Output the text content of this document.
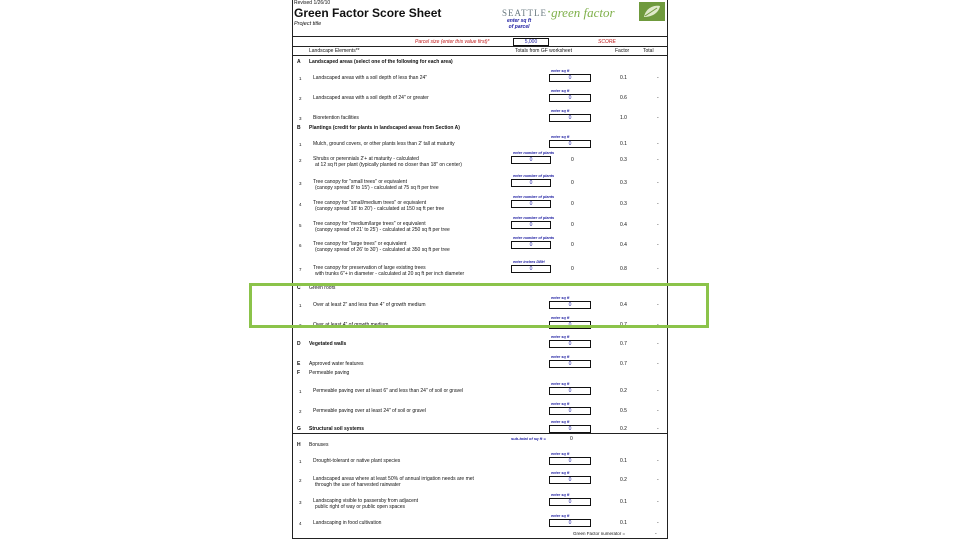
Revised 1/26/10
Green Factor Score Sheet
Project title
SEATTLE • green factor
enter sq ft
of parcel
Parcel size (enter this value first)*	5,000	SCORE
Landscape Elements**	Totals from GF worksheet	Factor	Total
A Landscaped areas (select one of the following for each area)
1 Landscaped areas with a soil depth of less than 24"
enter sq ft
0	0.1	-
2 Landscaped areas with a soil depth of 24" or greater
enter sq ft
0	0.6	-
3 Bioretention facilities
enter sq ft
0	1.0	-
B Plantings (credit for plants in landscaped areas from Section A)
1 Mulch, ground covers, or other plants less than 2' tall at maturity
enter sq ft
0	0.1	-
2 Shrubs or perennials 2'+ at maturity - calculated
at 12 sq ft per plant (typically planted no closer than 18" on center)
enter number of plants
0	0	0.3	-
3 Tree canopy for "small trees" or equivalent
(canopy spread 8' to 15') - calculated at 75 sq ft per tree
enter number of plants
0	0	0.3	-
4 Tree canopy for "small/medium trees" or equivalent
(canopy spread 16' to 20') - calculated at 150 sq ft per tree
enter number of plants
0	0	0.3	-
5 Tree canopy for "medium/large trees" or equivalent
(canopy spread of 21' to 25') - calculated at 250 sq ft per tree
enter number of plants
0	0	0.4	-
6 Tree canopy for "large trees" or equivalent
(canopy spread of 26' to 30') - calculated at 350 sq ft per tree
enter number of plants
0	0	0.4	-
7 Tree canopy for preservation of large existing trees
with trunks 6"+ in diameter - calculated at 20 sq ft per inch diameter
enter inches DBH
0	0	0.8	-
C Green roofs
1 Over at least 2" and less than 4" of growth medium
enter sq ft
0	0.4	-
2 Over at least 4" of growth medium
enter sq ft
0	0.7	-
D Vegetated walls
enter sq ft
0	0.7	-
E Approved water features
enter sq ft
0	0.7	-
F Permeable paving
1 Permeable paving over at least 6" and less than 24" of soil or gravel
enter sq ft
0	0.2	-
2 Permeable paving over at least 24" of soil or gravel
enter sq ft
0	0.5	-
G Structural soil systems
enter sq ft
0	0.2	-
sub-total of sq ft =	0
H Bonuses
1 Drought-tolerant or native plant species
enter sq ft
0	0.1	-
2 Landscaped areas where at least 50% of annual irrigation needs are met
through the use of harvested rainwater
enter sq ft
0	0.2	-
3 Landscaping visible to passersby from adjacent
public right of way or public open spaces
enter sq ft
0	0.1	-
4 Landscaping in food cultivation
enter sq ft
0	0.1	-
Green Factor numerator =	-
